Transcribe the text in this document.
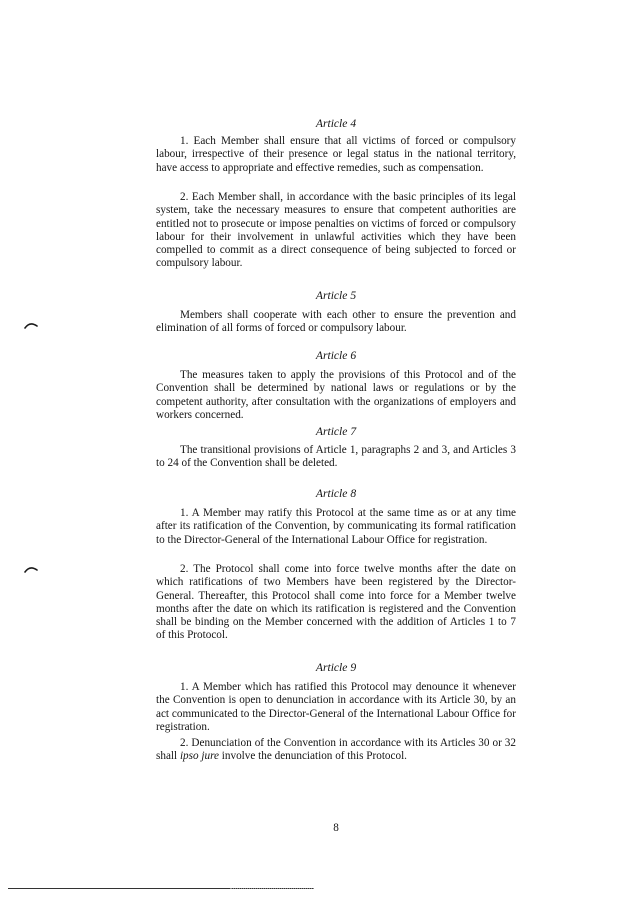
Article 4

1. Each Member shall ensure that all victims of forced or compulsory labour, irrespective of their presence or legal status in the national territory, have access to appropriate and effective remedies, such as compensation.

2. Each Member shall, in accordance with the basic principles of its legal system, take the necessary measures to ensure that competent authorities are entitled not to prosecute or impose penalties on victims of forced or compulsory labour for their involvement in unlawful activities which they have been compelled to commit as a direct consequence of being subjected to forced or compulsory labour.

Article 5

Members shall cooperate with each other to ensure the prevention and elimination of all forms of forced or compulsory labour.

Article 6

The measures taken to apply the provisions of this Protocol and of the Convention shall be determined by national laws or regulations or by the competent authority, after consultation with the organizations of employers and workers concerned.

Article 7

The transitional provisions of Article 1, paragraphs 2 and 3, and Articles 3 to 24 of the Convention shall be deleted.

Article 8

1. A Member may ratify this Protocol at the same time as or at any time after its ratification of the Convention, by communicating its formal ratification to the Director-General of the International Labour Office for registration.

2. The Protocol shall come into force twelve months after the date on which ratifications of two Members have been registered by the Director-General. Thereafter, this Protocol shall come into force for a Member twelve months after the date on which its ratification is registered and the Convention shall be binding on the Member concerned with the addition of Articles 1 to 7 of this Protocol.

Article 9

1. A Member which has ratified this Protocol may denounce it whenever the Convention is open to denunciation in accordance with its Article 30, by an act communicated to the Director-General of the International Labour Office for registration.

2. Denunciation of the Convention in accordance with its Articles 30 or 32 shall ipso jure involve the denunciation of this Protocol.

8
